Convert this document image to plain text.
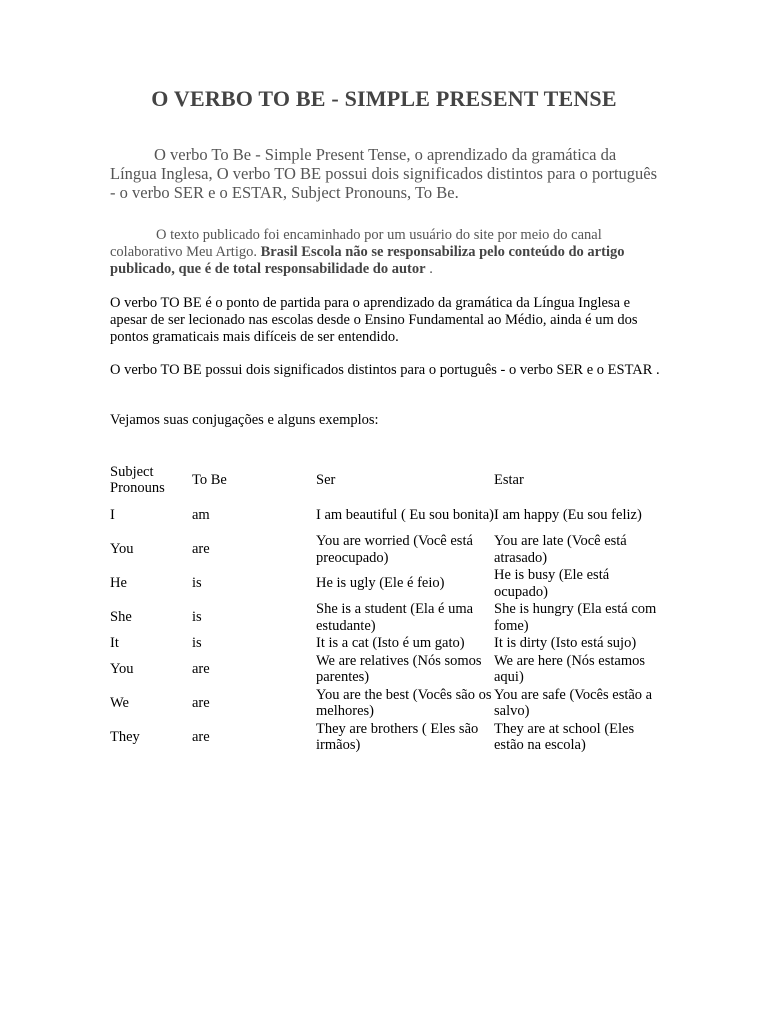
O VERBO TO BE - SIMPLE PRESENT TENSE
O verbo To Be - Simple Present Tense, o aprendizado da gramática da Língua Inglesa, O verbo TO BE possui dois significados distintos para o português - o verbo SER e o ESTAR, Subject Pronouns, To Be.
O texto publicado foi encaminhado por um usuário do site por meio do canal colaborativo Meu Artigo. Brasil Escola não se responsabiliza pelo conteúdo do artigo publicado, que é de total responsabilidade do autor .
O verbo TO BE é o ponto de partida para o aprendizado da gramática da Língua Inglesa e apesar de ser lecionado nas escolas desde o Ensino Fundamental ao Médio, ainda é um dos pontos gramaticais mais difíceis de ser entendido.
O verbo TO BE possui dois significados distintos para o português - o verbo SER e o ESTAR .
Vejamos suas conjugações e alguns exemplos:
Subject Pronouns	To Be	Ser	Estar
I	am	I am beautiful ( Eu sou bonita)	I am happy (Eu sou feliz)
You	are	You are worried (Você está preocupado)	You are late (Você está atrasado)
He	is	He is ugly (Ele é feio)	He is busy (Ele está ocupado)
She	is	She is a student (Ela é uma estudante)	She is hungry (Ela está com fome)
It	is	It is a cat (Isto é um gato)	It is dirty (Isto está sujo)
You	are	We are relatives (Nós somos parentes)	We are here (Nós estamos aqui)
We	are	You are the best (Vocês são os melhores)	You are safe (Vocês estão a salvo)
They	are	They are brothers ( Eles são irmãos)	They are at school (Eles estão na escola)
